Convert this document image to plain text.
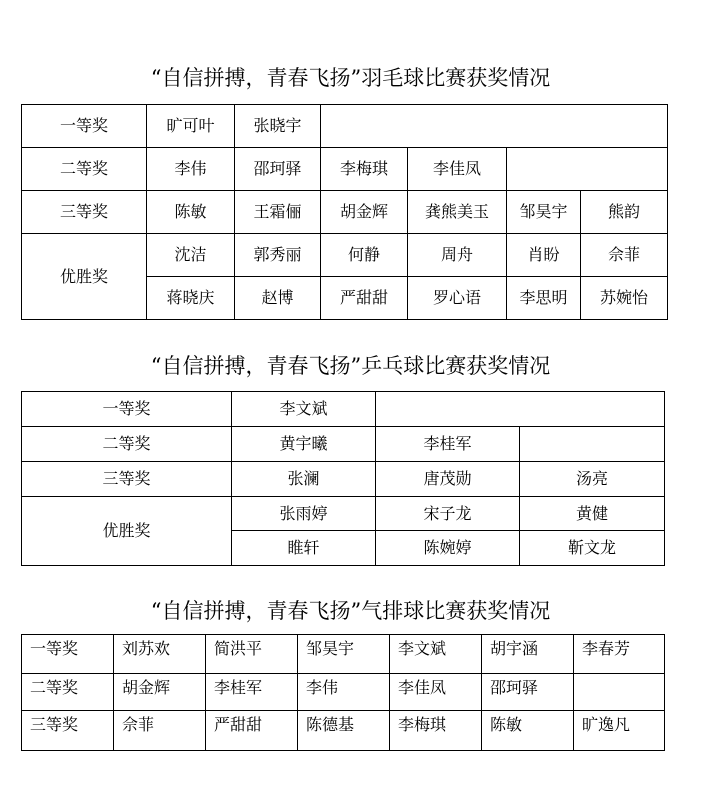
“自信拼搏，青春飞扬”羽毛球比赛获奖情况
一等奖	旷可叶	张晓宇				
二等奖	李伟	邵珂驿	李梅琪	李佳凤		
三等奖	陈敏	王霜俪	胡金辉	龚熊美玉	邹昊宇	熊韵
优胜奖	沈洁	郭秀丽	何静	周舟	肖盼	佘菲
	蒋晓庆	赵博	严甜甜	罗心语	李思明	苏婉怡
“自信拼搏，青春飞扬”乒乓球比赛获奖情况
一等奖	李文斌		
二等奖	黄宇曦	李桂军	
三等奖	张澜	唐茂勋	汤亮
优胜奖	张雨婷	宋子龙	黄健
	睢轩	陈婉婷	靳文龙
“自信拼搏，青春飞扬”气排球比赛获奖情况
一等奖	刘苏欢	简洪平	邹昊宇	李文斌	胡宇涵	李春芳
二等奖	胡金辉	李桂军	李伟	李佳凤	邵珂驿	
三等奖	佘菲	严甜甜	陈德基	李梅琪	陈敏	旷逸凡
